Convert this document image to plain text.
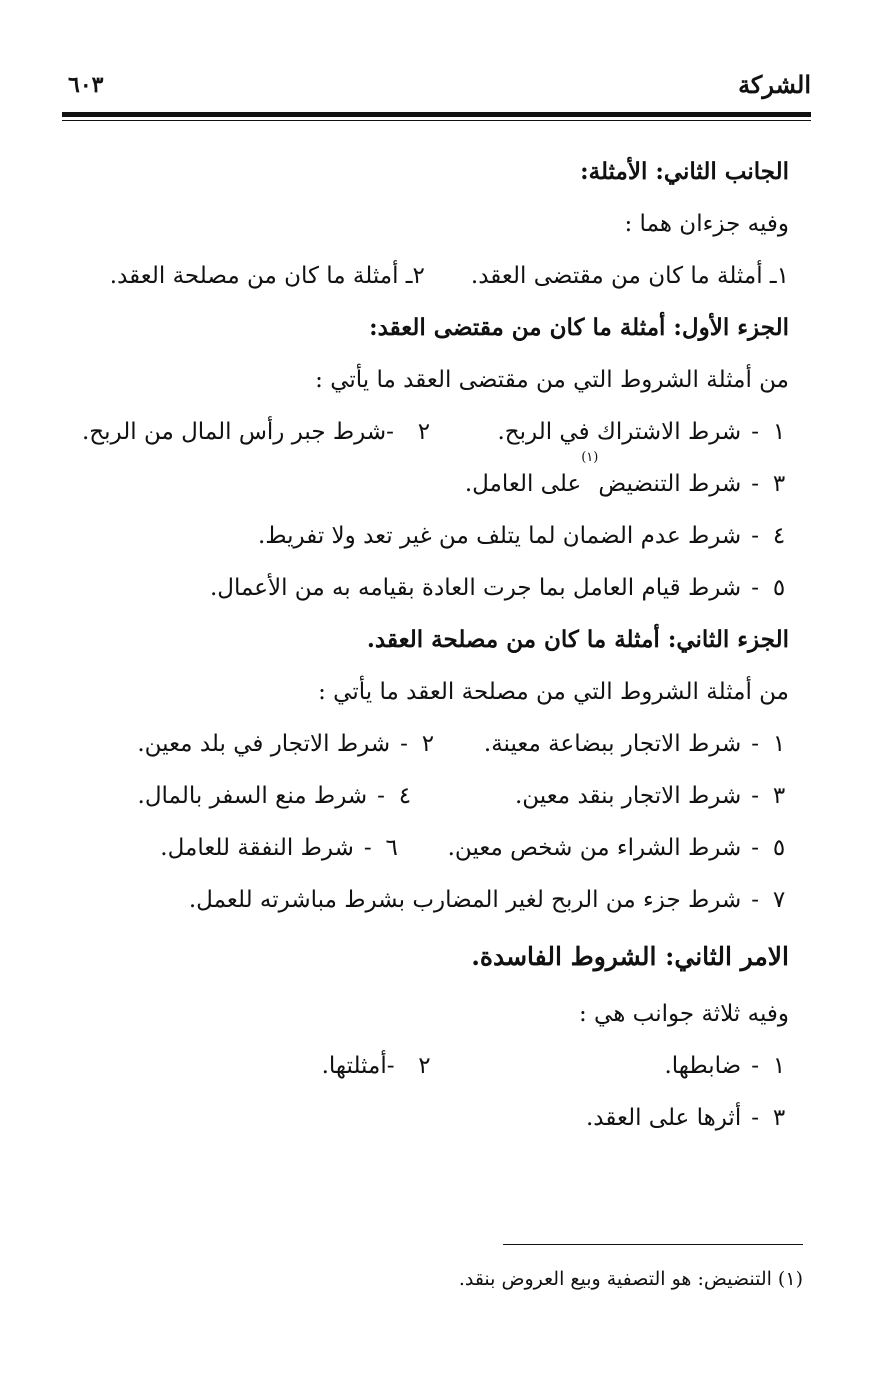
الشركة
٦٠٣
الجانب الثاني: الأمثلة:
وفيه جزءان هما :
١ـ أمثلة ما كان من مقتضى العقد.
٢ـ أمثلة ما كان من مصلحة العقد.
الجزء الأول: أمثلة ما كان من مقتضى العقد:
من أمثلة الشروط التي من مقتضى العقد ما يأتي :
١
-
شرط الاشتراك في الربح.
٢
-شرط جبر رأس المال من الربح.
٣
-
شرط التنضيض
(١)
على العامل.
٤
-
شرط عدم الضمان لما يتلف من غير تعد ولا تفريط.
٥
-
شرط قيام العامل بما جرت العادة بقيامه به من الأعمال.
الجزء الثاني: أمثلة ما كان من مصلحة العقد.
من أمثلة الشروط التي من مصلحة العقد ما يأتي :
١
-
شرط الاتجار ببضاعة معينة.
٢
-
شرط الاتجار في بلد معين.
٣
-
شرط الاتجار بنقد معين.
٤
-
شرط منع السفر بالمال.
٥
-
شرط الشراء من شخص معين.
٦
-
شرط النفقة للعامل.
٧
-
شرط جزء من الربح لغير المضارب بشرط مباشرته للعمل.
الامر الثاني: الشروط الفاسدة.
وفيه ثلاثة جوانب هي :
١
-
ضابطها.
٢
-أمثلتها.
٣
-
أثرها على العقد.
(١) التنضيض: هو التصفية وبيع العروض بنقد.
